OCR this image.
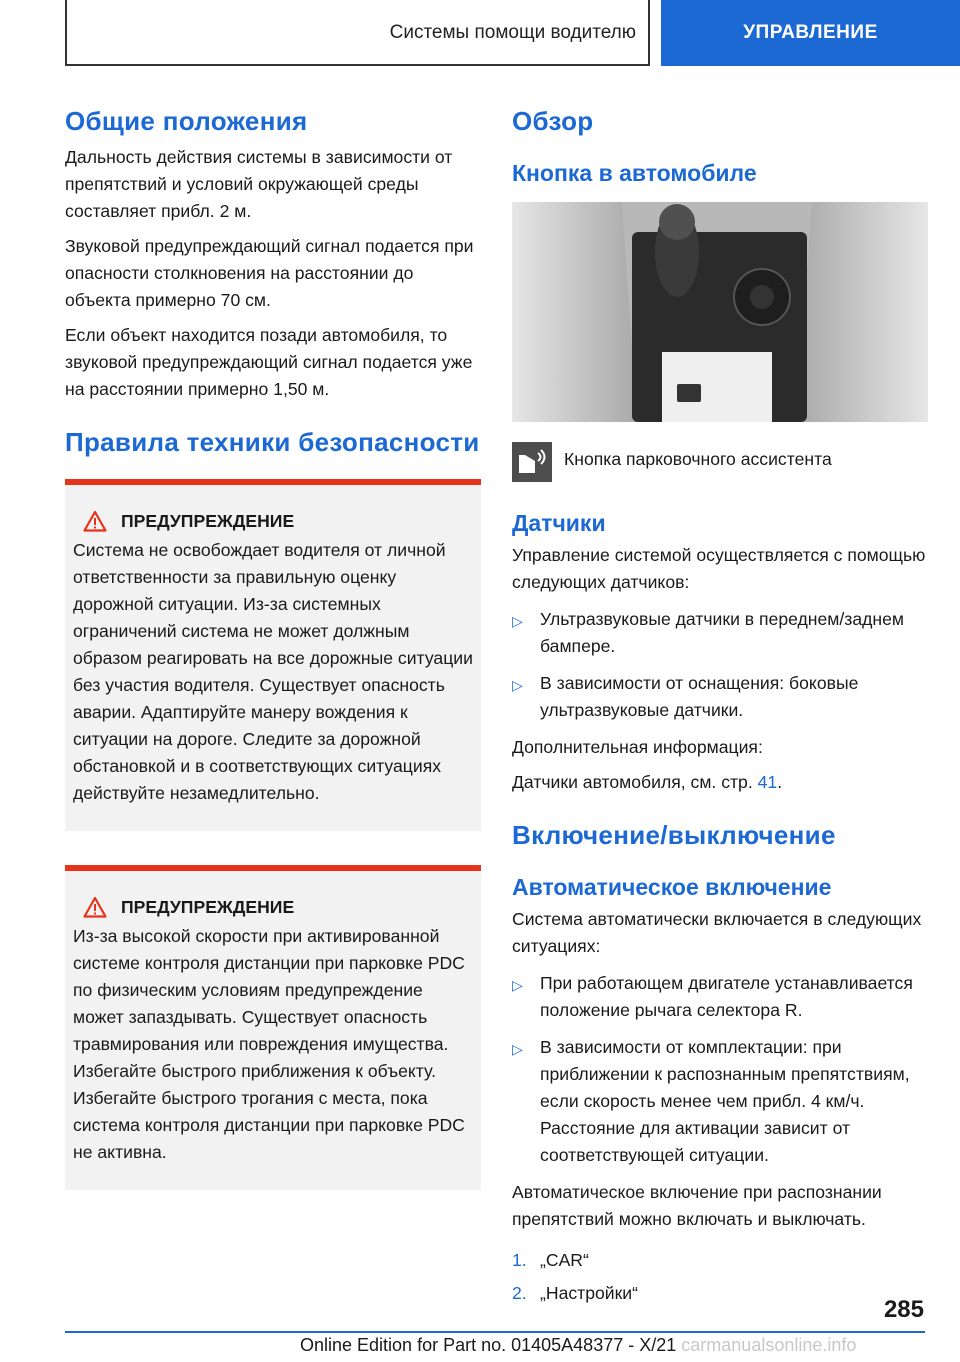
Системы помощи водителю	УПРАВЛЕНИЕ
Общие положения

Дальность действия системы в зависимости от препятствий и условий окружающей среды составляет прибл. 2 м.

Звуковой предупреждающий сигнал подается при опасности столкновения на расстоянии до объекта примерно 70 см.

Если объект находится позади автомобиля, то звуковой предупреждающий сигнал подается уже на расстоянии примерно 1,50 м.

Правила техники безопасности
ПРЕДУПРЕЖДЕНИЕ

Система не освобождает водителя от личной ответственности за правильную оценку дорожной ситуации. Из-за системных ограничений система не может должным образом реагировать на все дорожные ситуации без участия водителя. Существует опасность аварии. Адаптируйте манеру вождения к ситуации на дороге. Следите за дорожной обстановкой и в соответствующих ситуациях действуйте незамедлительно.

ПРЕДУПРЕЖДЕНИЕ

Из-за высокой скорости при активированной системе контроля дистанции при парковке PDC по физическим условиям предупреждение может запаздывать. Существует опасность травмирования или повреждения имущества. Избегайте быстрого приближения к объекту. Избегайте быстрого трогания с места, пока система контроля дистанции при парковке PDC не активна.

Обзор
Кнопка в автомобиле

Кнопка парковочного ассистента

Датчики

Управление системой осуществляется с помощью следующих датчиков:

▷ Ультразвуковые датчики в переднем/заднем бампере.
▷ В зависимости от оснащения: боковые ультразвуковые датчики.

Дополнительная информация:

Датчики автомобиля, см. стр. 41.

Включение/выключение
Автоматическое включение

Система автоматически включается в следующих ситуациях:

▷ При работающем двигателе устанавливается положение рычага селектора R.
▷ В зависимости от комплектации: при приближении к распознанным препятствиям, если скорость менее чем прибл. 4 км/ч. Расстояние для активации зависит от соответствующей ситуации.

Автоматическое включение при распознании препятствий можно включать и выключать.

1. „CAR“
2. „Настройки“
285
Online Edition for Part no. 01405A48377 - X/21 carmanualsonline.info
